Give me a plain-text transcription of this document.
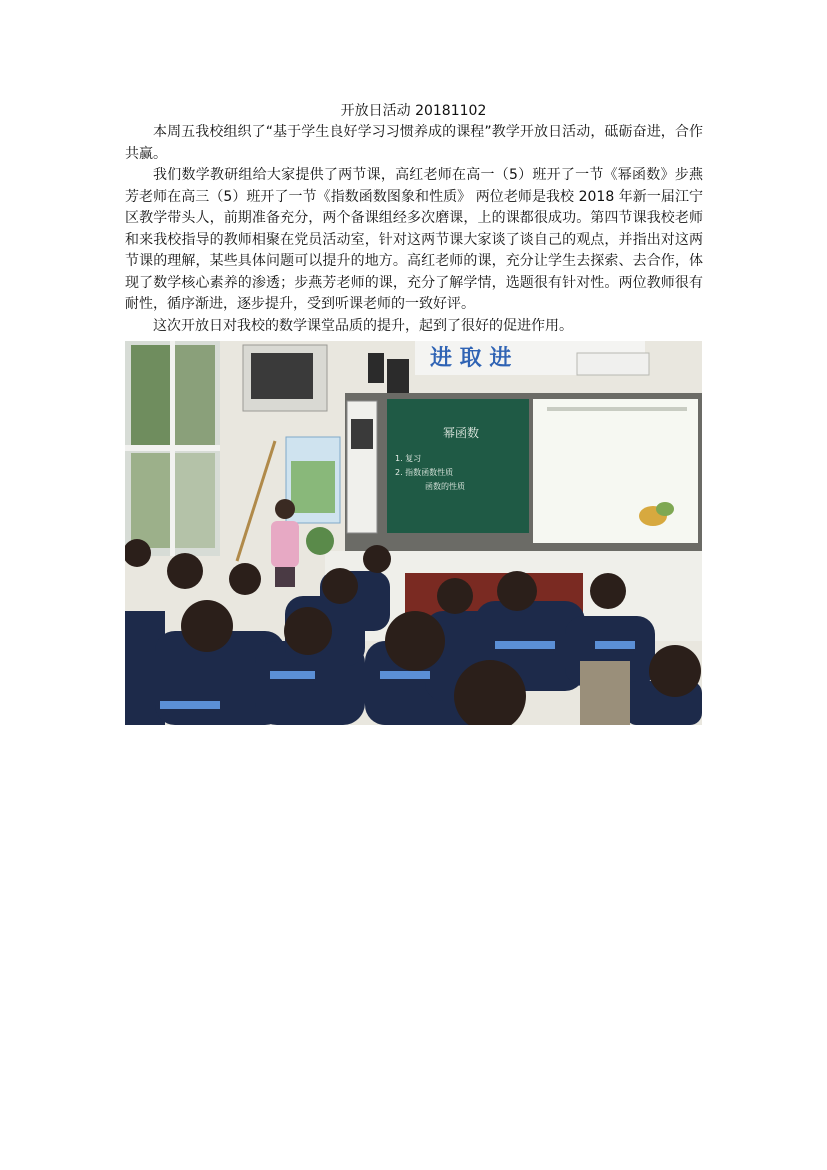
开放日活动 20181102

本周五我校组织了“基于学生良好学习习惯养成的课程”教学开放日活动，砥砺奋进，合作共赢。

我们数学教研组给大家提供了两节课，高红老师在高一（5）班开了一节《幂函数》步燕芳老师在高三（5）班开了一节《指数函数图象和性质》 两位老师是我校 2018 年新一届江宁区教学带头人，前期准备充分，两个备课组经多次磨课，上的课都很成功。第四节课我校老师和来我校指导的教师相聚在党员活动室，针对这两节课大家谈了谈自己的观点，并指出对这两节课的理解，某些具体问题可以提升的地方。高红老师的课，充分让学生去探索、去合作，体现了数学核心素养的渗透；步燕芳老师的课，充分了解学情，选题很有针对性。两位教师很有耐性，循序渐进，逐步提升，受到听课老师的一致好评。

这次开放日对我校的数学课堂品质的提升，起到了很好的促进作用。

进 取 进
幂函数
1. 复习
2. 指数函数性质
函数的性质
